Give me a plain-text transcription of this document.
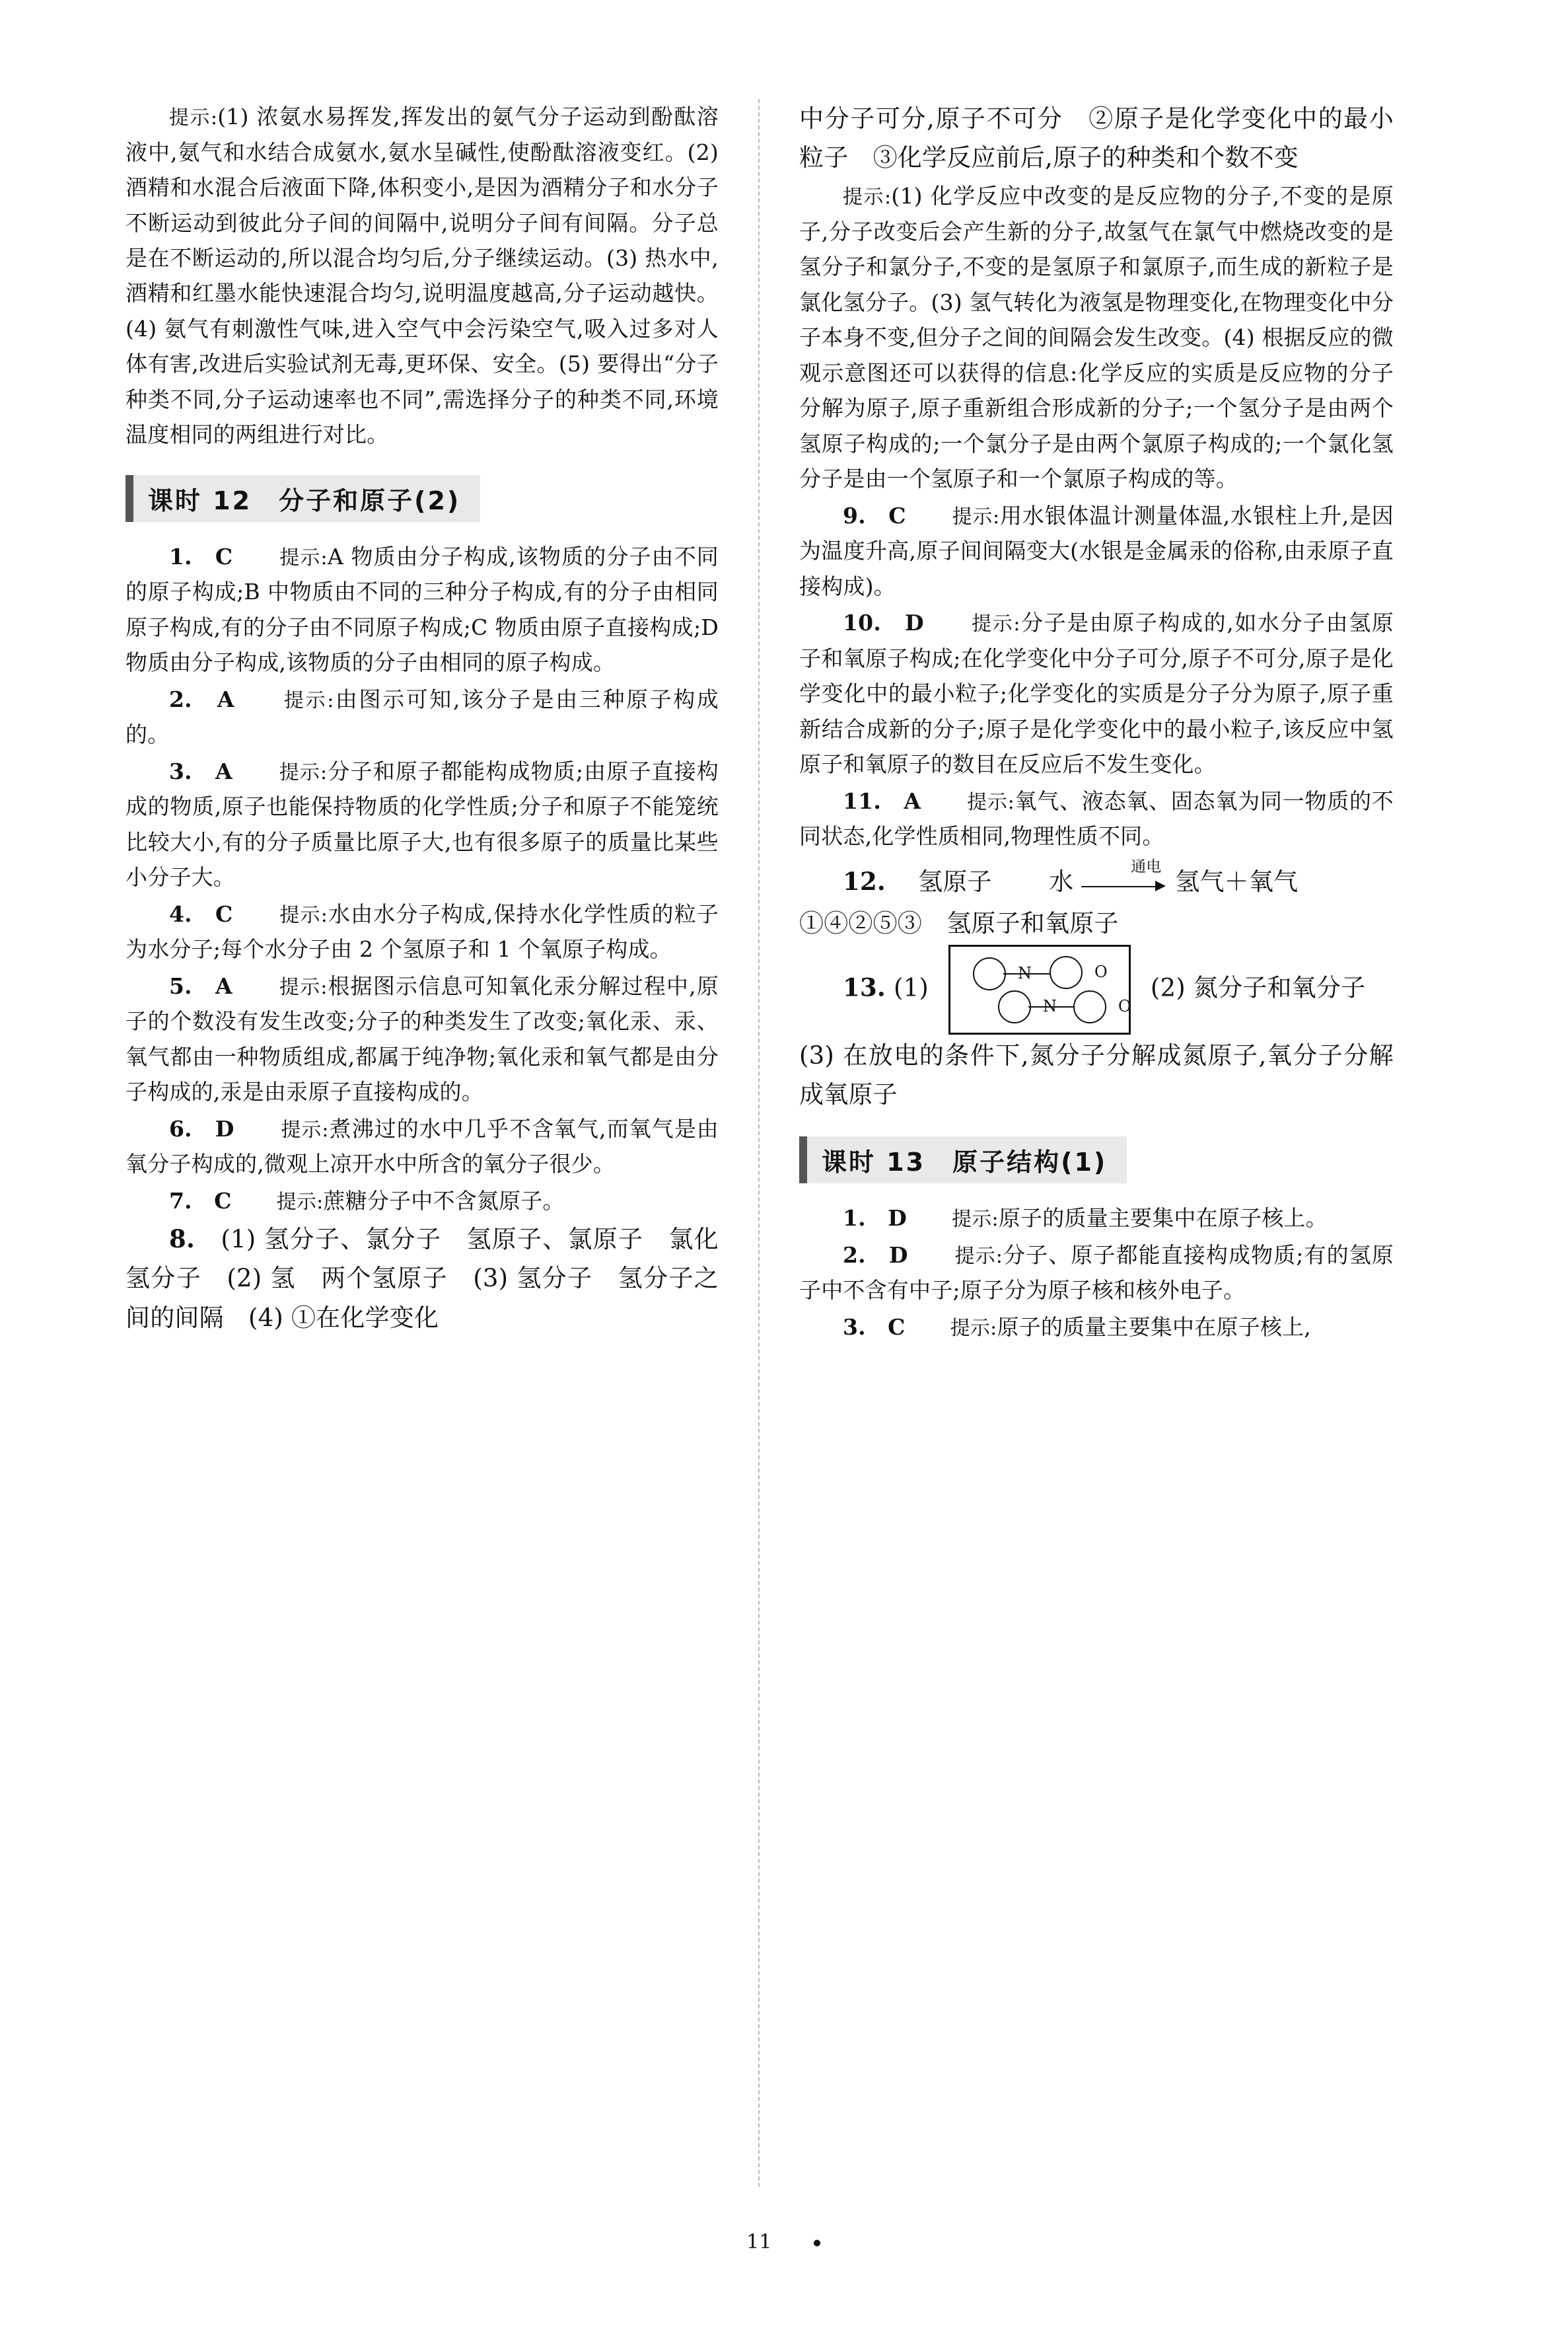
提示:(1) 浓氨水易挥发,挥发出的氨气分子运动到酚酞溶液中,氨气和水结合成氨水,氨水呈碱性,使酚酞溶液变红。(2) 酒精和水混合后液面下降,体积变小,是因为酒精分子和水分子不断运动到彼此分子间的间隔中,说明分子间有间隔。分子总是在不断运动的,所以混合均匀后,分子继续运动。(3) 热水中,酒精和红墨水能快速混合均匀,说明温度越高,分子运动越快。(4) 氨气有刺激性气味,进入空气中会污染空气,吸入过多对人体有害,改进后实验试剂无毒,更环保、安全。(5) 要得出“分子种类不同,分子运动速率也不同”,需选择分子的种类不同,环境温度相同的两组进行对比。

课时 12　分子和原子(2)

1.　 C　　 提示:A 物质由分子构成,该物质的分子由不同的原子构成;B 中物质由不同的三种分子构成,有的分子由相同原子构成,有的分子由不同原子构成;C 物质由原子直接构成;D 物质由分子构成,该物质的分子由相同的原子构成。

2.　 A　　 提示:由图示可知,该分子是由三种原子构成的。

3.　 A　　 提示:分子和原子都能构成物质;由原子直接构成的物质,原子也能保持物质的化学性质;分子和原子不能笼统比较大小,有的分子质量比原子大,也有很多原子的质量比某些小分子大。

4.　 C　　 提示:水由水分子构成,保持水化学性质的粒子为水分子;每个水分子由 2 个氢原子和 1 个氧原子构成。

5.　 A　　 提示:根据图示信息可知氧化汞分解过程中,原子的个数没有发生改变;分子的种类发生了改变;氧化汞、汞、氧气都由一种物质组成,都属于纯净物;氧化汞和氧气都是由分子构成的,汞是由汞原子直接构成的。

6.　 D　　 提示:煮沸过的水中几乎不含氧气,而氧气是由氧分子构成的,微观上凉开水中所含的氧分子很少。

7.　 C　　 提示:蔗糖分子中不含氮原子。

8.　 (1) 氢分子、氯分子　氢原子、氯原子　氯化氢分子　(2) 氢　两个氢原子　(3) 氢分子　氢分子之间的间隔　(4) ①在化学变化

中分子可分,原子不可分　②原子是化学变化中的最小粒子　③化学反应前后,原子的种类和个数不变

提示:(1) 化学反应中改变的是反应物的分子,不变的是原子,分子改变后会产生新的分子,故氢气在氯气中燃烧改变的是氢分子和氯分子,不变的是氢原子和氯原子,而生成的新粒子是氯化氢分子。(3) 氢气转化为液氢是物理变化,在物理变化中分子本身不变,但分子之间的间隔会发生改变。(4) 根据反应的微观示意图还可以获得的信息:化学反应的实质是反应物的分子分解为原子,原子重新组合形成新的分子;一个氢分子是由两个氢原子构成的;一个氯分子是由两个氯原子构成的;一个氯化氢分子是由一个氢原子和一个氯原子构成的等。

9.　 C　　 提示:用水银体温计测量体温,水银柱上升,是因为温度升高,原子间间隔变大(水银是金属汞的俗称,由汞原子直接构成)。

10.　 D　　 提示:分子是由原子构成的,如水分子由氢原子和氧原子构成;在化学变化中分子可分,原子不可分,原子是化学变化中的最小粒子;化学变化的实质是分子分为原子,原子重新结合成新的分子;原子是化学变化中的最小粒子,该反应中氢原子和氧原子的数目在反应后不发生变化。

11.　 A　　 提示:氧气、液态氧、固态氧为同一物质的不同状态,化学性质相同,物理性质不同。

12.　 氢原子　　 水
通电
氢气＋氧气

①④②⑤③　氢原子和氧原子

13. (1)
N	O
N	O
(2) 氮分子和氧分子

(3) 在放电的条件下,氮分子分解成氮原子,氧分子分解成氧原子

课时 13　原子结构(1)

1.　 D　　 提示:原子的质量主要集中在原子核上。

2.　 D　　 提示:分子、原子都能直接构成物质;有的氢原子中不含有中子;原子分为原子核和核外电子。

3.　 C　　 提示:原子的质量主要集中在原子核上,

11
